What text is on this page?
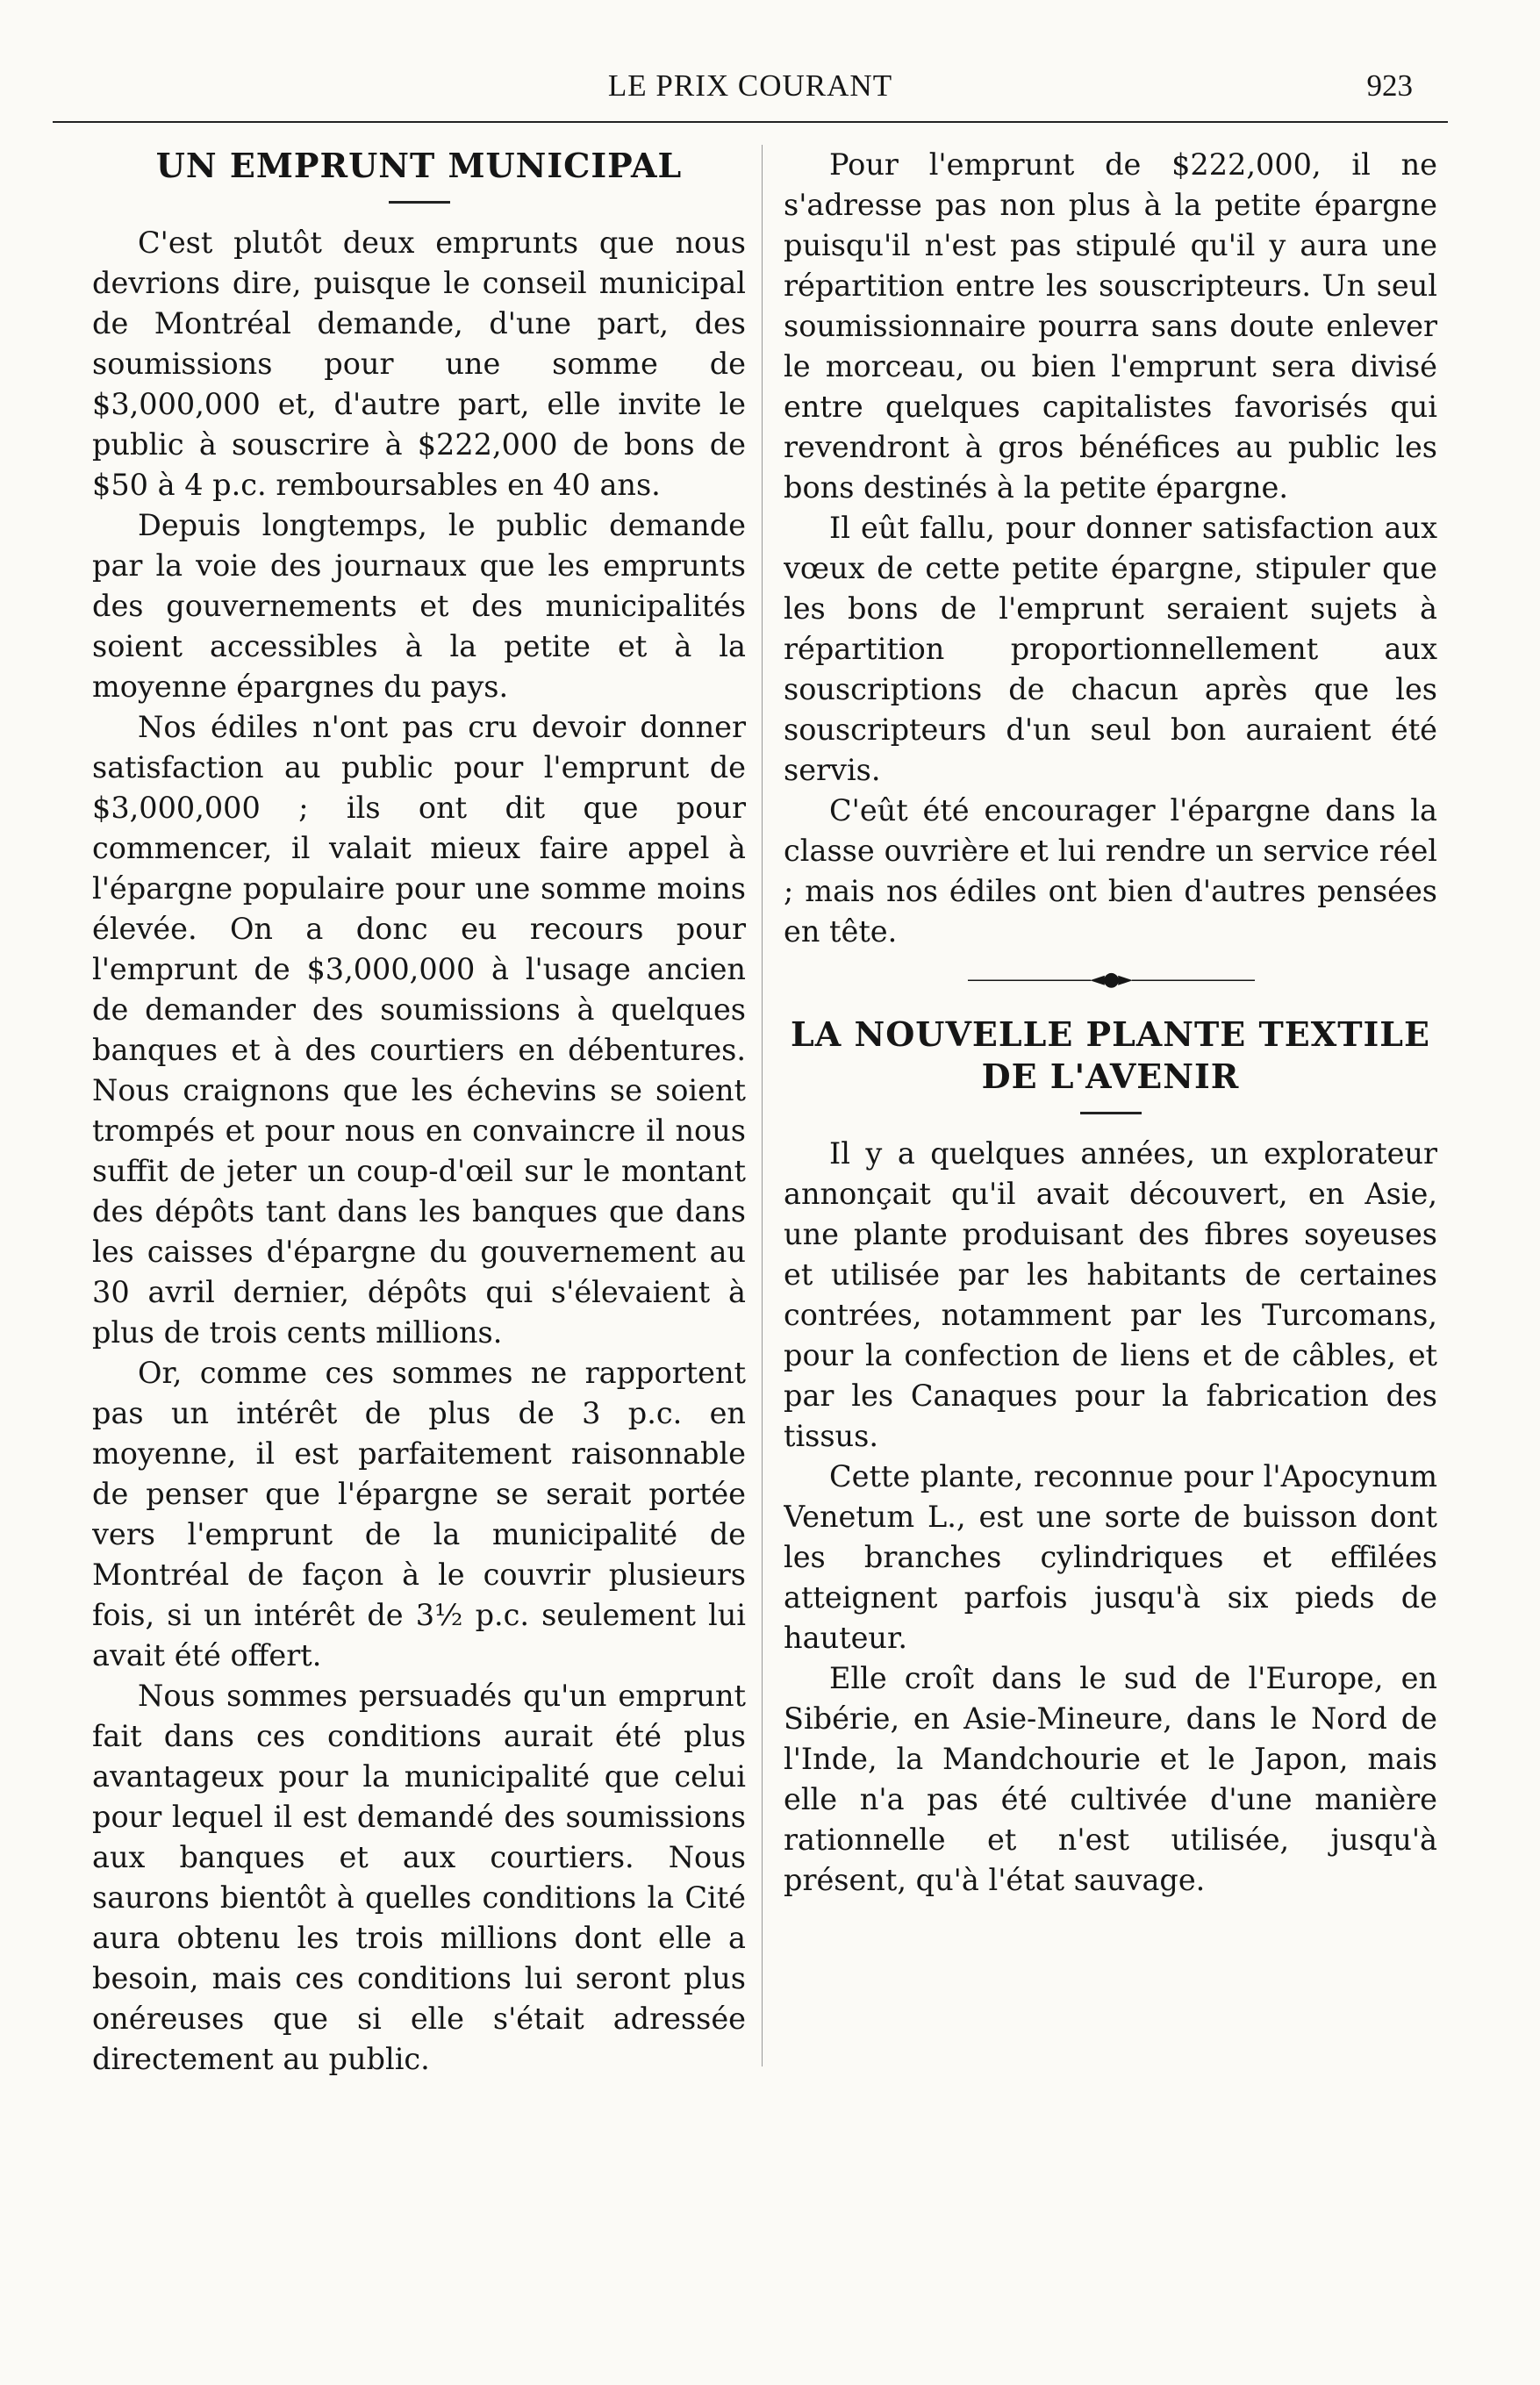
LE PRIX COURANT	923
UN EMPRUNT MUNICIPAL

C'est plutôt deux emprunts que nous devrions dire, puisque le conseil municipal de Montréal demande, d'une part, des soumissions pour une somme de $3,000,000 et, d'autre part, elle invite le public à souscrire à $222,000 de bons de $50 à 4 p.c. remboursables en 40 ans.

Depuis longtemps, le public demande par la voie des journaux que les emprunts des gouvernements et des municipalités soient accessibles à la petite et à la moyenne épargnes du pays.

Nos édiles n'ont pas cru devoir donner satisfaction au public pour l'emprunt de $3,000,000 ; ils ont dit que pour commencer, il valait mieux faire appel à l'épargne populaire pour une somme moins élevée. On a donc eu recours pour l'emprunt de $3,000,000 à l'usage ancien de demander des soumissions à quelques banques et à des courtiers en débentures. Nous craignons que les échevins se soient trompés et pour nous en convaincre il nous suffit de jeter un coup-d'œil sur le montant des dépôts tant dans les banques que dans les caisses d'épargne du gouvernement au 30 avril dernier, dépôts qui s'élevaient à plus de trois cents millions.

Or, comme ces sommes ne rapportent pas un intérêt de plus de 3 p.c. en moyenne, il est parfaitement raisonnable de penser que l'épargne se serait portée vers l'emprunt de la municipalité de Montréal de façon à le couvrir plusieurs fois, si un intérêt de 3½ p.c. seulement lui avait été offert.

Nous sommes persuadés qu'un emprunt fait dans ces conditions aurait été plus avantageux pour la municipalité que celui pour lequel il est demandé des soumissions aux banques et aux courtiers. Nous saurons bientôt à quelles conditions la Cité aura obtenu les trois millions dont elle a besoin, mais ces conditions lui seront plus onéreuses que si elle s'était adressée directement au public.

Pour l'emprunt de $222,000, il ne s'adresse pas non plus à la petite épargne puisqu'il n'est pas stipulé qu'il y aura une répartition entre les souscripteurs. Un seul soumissionnaire pourra sans doute enlever le morceau, ou bien l'emprunt sera divisé entre quelques capitalistes favorisés qui revendront à gros bénéfices au public les bons destinés à la petite épargne.

Il eût fallu, pour donner satisfaction aux vœux de cette petite épargne, stipuler que les bons de l'emprunt seraient sujets à répartition proportionnellement aux souscriptions de chacun après que les souscripteurs d'un seul bon auraient été servis.

C'eût été encourager l'épargne dans la classe ouvrière et lui rendre un service réel ; mais nos édiles ont bien d'autres pensées en tête.

———————◄●►———————
LA NOUVELLE PLANTE TEXTILE DE L'AVENIR

Il y a quelques années, un explorateur annonçait qu'il avait découvert, en Asie, une plante produisant des fibres soyeuses et utilisée par les habitants de certaines contrées, notamment par les Turcomans, pour la confection de liens et de câbles, et par les Canaques pour la fabrication des tissus.

Cette plante, reconnue pour l'Apocynum Venetum L., est une sorte de buisson dont les branches cylindriques et effilées atteignent parfois jusqu'à six pieds de hauteur.

Elle croît dans le sud de l'Europe, en Sibérie, en Asie-Mineure, dans le Nord de l'Inde, la Mandchourie et le Japon, mais elle n'a pas été cultivée d'une manière rationnelle et n'est utilisée, jusqu'à présent, qu'à l'état sauvage.
